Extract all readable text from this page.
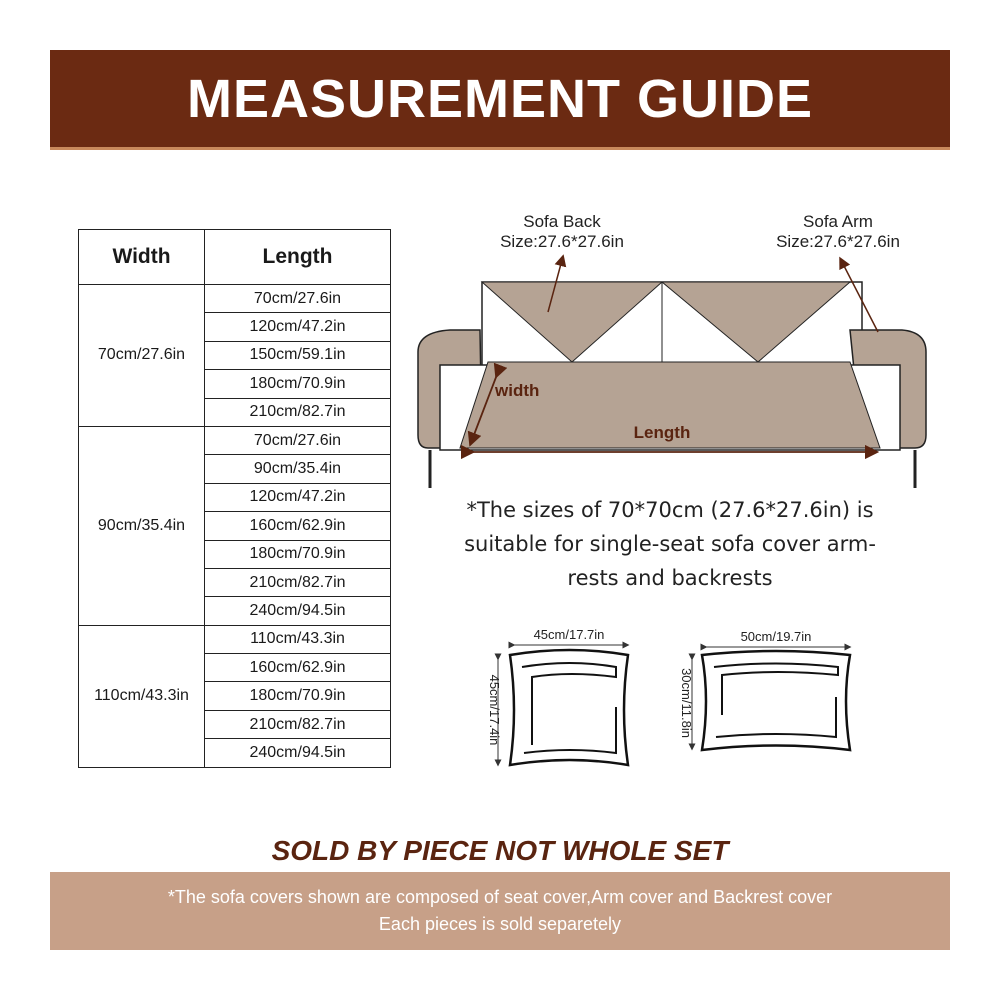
MEASUREMENT GUIDE
Width	Length
70cm/27.6in	70cm/27.6in
	120cm/47.2in
	150cm/59.1in
	180cm/70.9in
	210cm/82.7in
90cm/35.4in	70cm/27.6in
	90cm/35.4in
	120cm/47.2in
	160cm/62.9in
	180cm/70.9in
	210cm/82.7in
	240cm/94.5in
110cm/43.3in	110cm/43.3in
	160cm/62.9in
	180cm/70.9in
	210cm/82.7in
	240cm/94.5in
Sofa Back
Size:27.6*27.6in
Sofa Arm
Size:27.6*27.6in
width
Length
*The sizes of 70*70cm (27.6*27.6in) is suitable for single-seat sofa cover arm-rests and backrests
45cm/17.7in
45cm/17.4in
50cm/19.7in
30cm/11.8in
SOLD BY PIECE NOT WHOLE SET
*The sofa covers shown are composed of seat cover,Arm cover and Backrest cover
Each pieces is sold separetely
